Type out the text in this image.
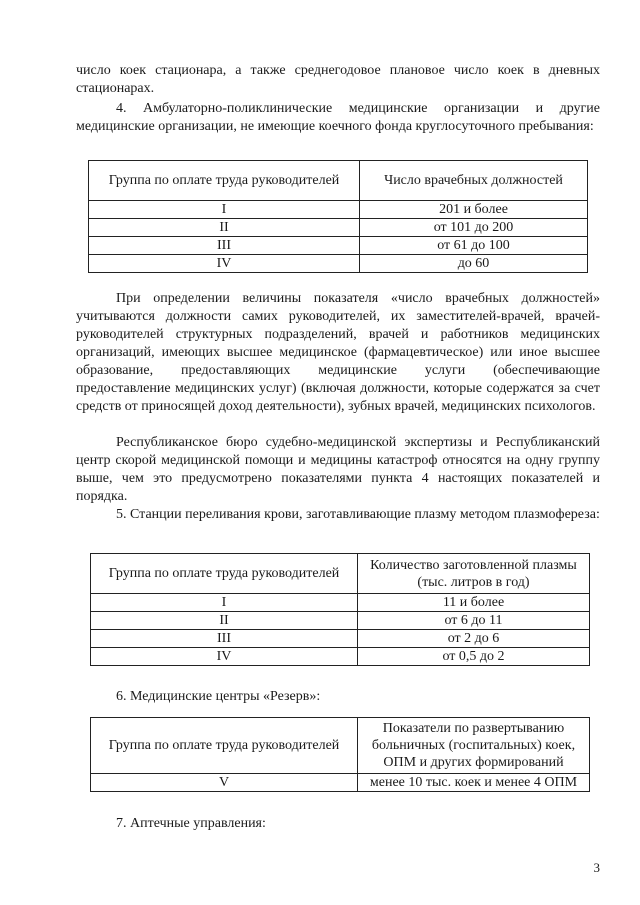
число коек стационара, а также среднегодовое плановое число коек в дневных стационарах.

4. Амбулаторно-поликлинические медицинские организации и другие медицинские организации, не имеющие коечного фонда круглосуточного пребывания:

Группа по оплате труда руководителей	Число врачебных должностей
I	201 и более
II	от 101 до 200
III	от 61 до 100
IV	до 60

При определении величины показателя «число врачебных должностей» учитываются должности самих руководителей, их заместителей-врачей, врачей-руководителей структурных подразделений, врачей и работников медицинских организаций, имеющих высшее медицинское (фармацевтическое) или иное высшее образование, предоставляющих медицинские услуги (обеспечивающие предоставление медицинских услуг) (включая должности, которые содержатся за счет средств от приносящей доход деятельности), зубных врачей, медицинских психологов.

Республиканское бюро судебно-медицинской экспертизы и Республиканский центр скорой медицинской помощи и медицины катастроф относятся на одну группу выше, чем это предусмотрено показателями пункта 4 настоящих показателей и порядка.

5. Станции переливания крови, заготавливающие плазму методом плазмофереза:

Группа по оплате труда руководителей	Количество заготовленной плазмы (тыс. литров в год)
I	11 и более
II	от 6 до 11
III	от 2 до 6
IV	от 0,5 до 2

6. Медицинские центры «Резерв»:

Группа по оплате труда руководителей	Показатели по развертыванию больничных (госпитальных) коек, ОПМ и других формирований
V	менее 10 тыс. коек и менее 4 ОПМ

7. Аптечные управления:

3
